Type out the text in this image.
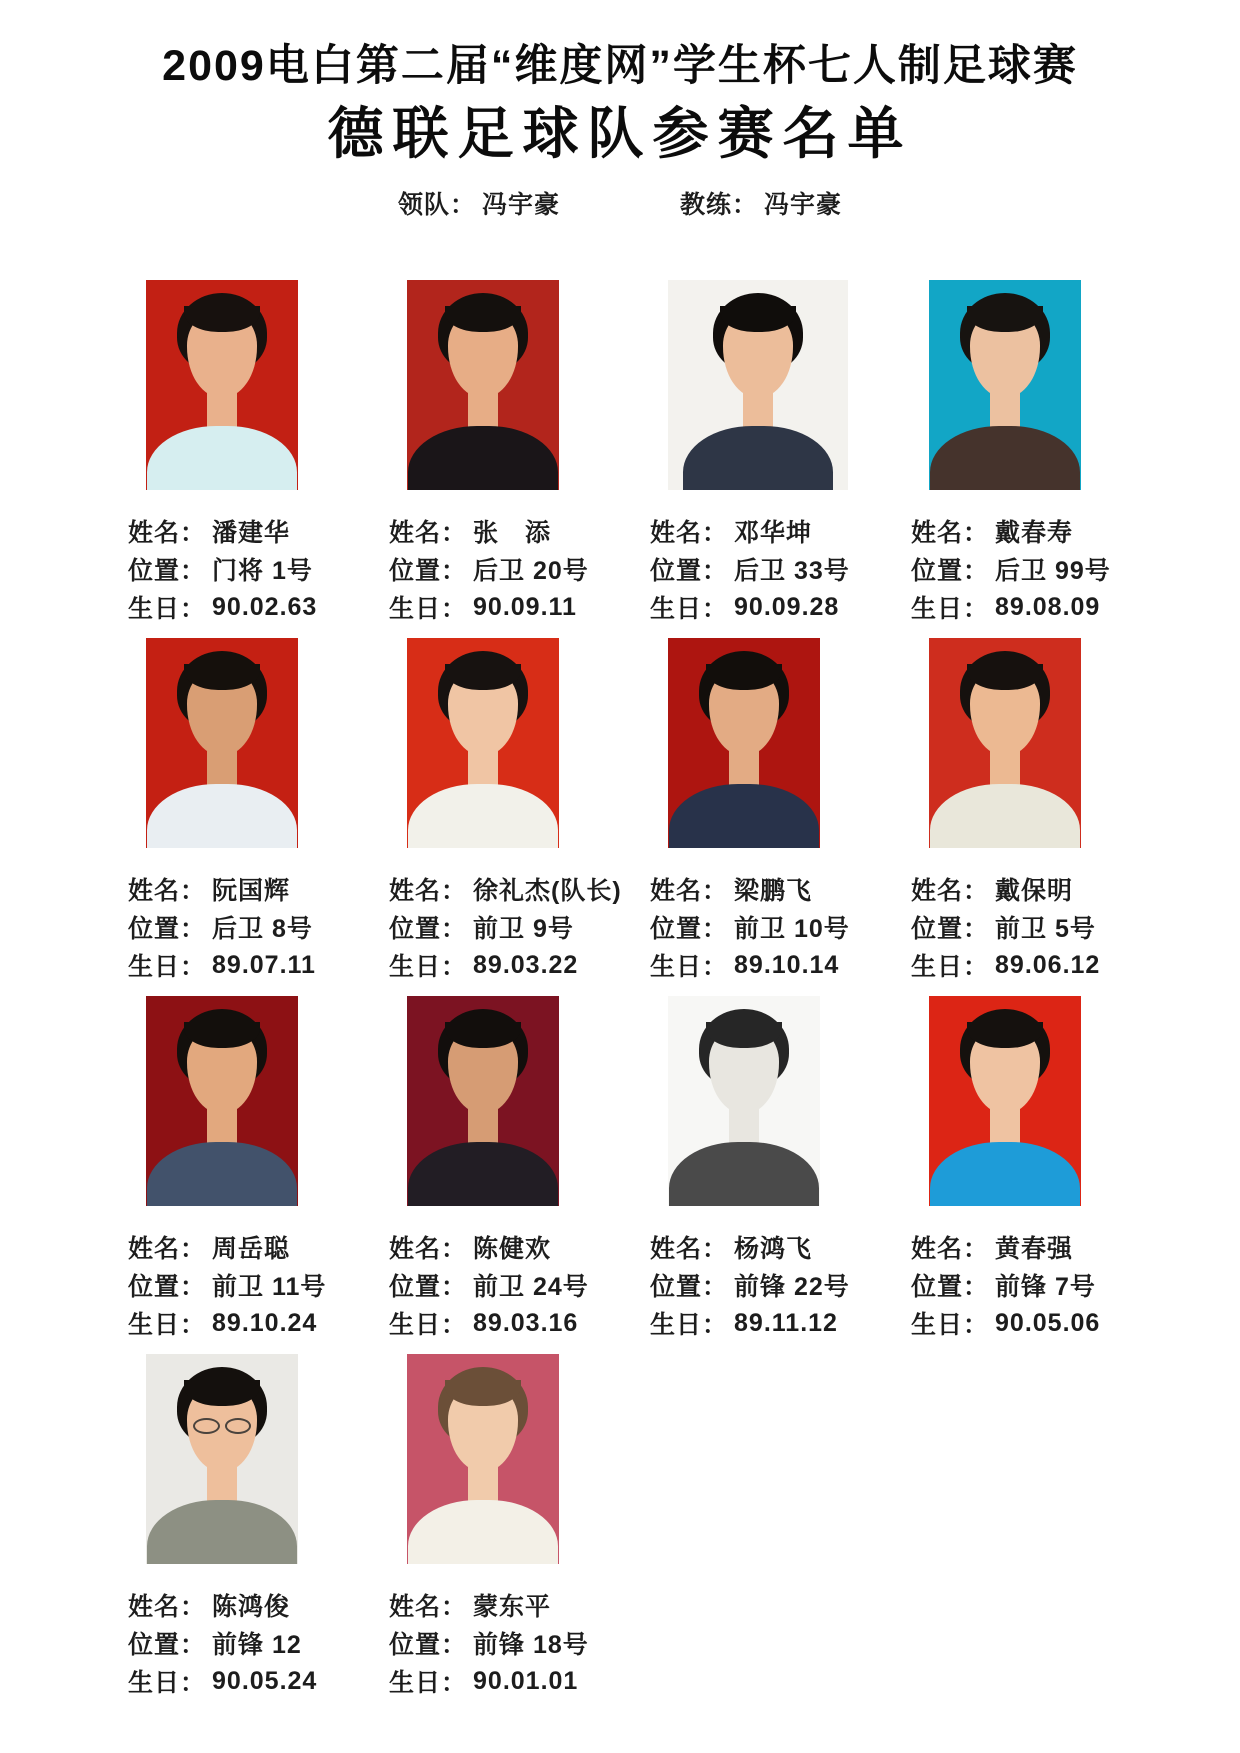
2009电白第二届“维度网”学生杯七人制足球赛
德联足球队参赛名单
领队： 冯宇豪	教练： 冯宇豪
姓名： 潘建华
位置： 门将 1号
生日： 90.02.63
姓名： 张　添
位置： 后卫 20号
生日： 90.09.11
姓名： 邓华坤
位置： 后卫 33号
生日： 90.09.28
姓名： 戴春寿
位置： 后卫 99号
生日： 89.08.09
姓名： 阮国辉
位置： 后卫 8号
生日： 89.07.11
姓名： 徐礼杰(队长)
位置： 前卫 9号
生日： 89.03.22
姓名： 梁鹏飞
位置： 前卫 10号
生日： 89.10.14
姓名： 戴保明
位置： 前卫 5号
生日： 89.06.12
姓名： 周岳聪
位置： 前卫 11号
生日： 89.10.24
姓名： 陈健欢
位置： 前卫 24号
生日： 89.03.16
姓名： 杨鸿飞
位置： 前锋 22号
生日： 89.11.12
姓名： 黄春强
位置： 前锋 7号
生日： 90.05.06
姓名： 陈鸿俊
位置： 前锋 12
生日： 90.05.24
姓名： 蒙东平
位置： 前锋 18号
生日： 90.01.01
